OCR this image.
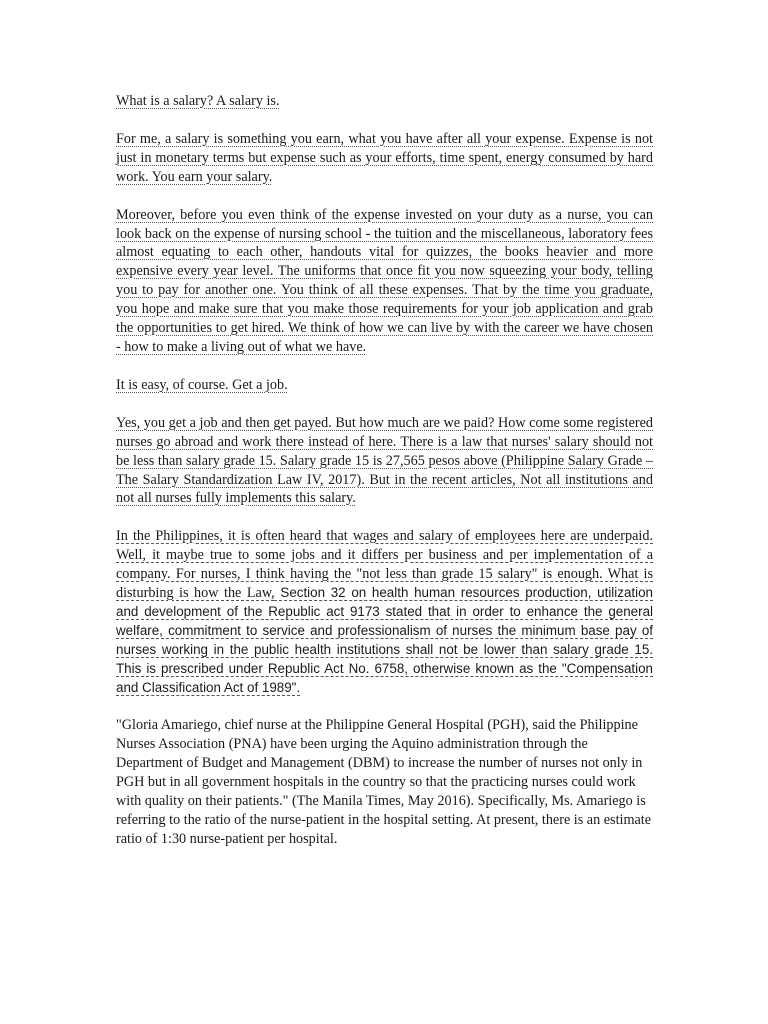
What is a salary? A salary is.

For me, a salary is something you earn, what you have after all your expense. Expense is not just in monetary terms but expense such as your efforts, time spent, energy consumed by hard work. You earn your salary.

Moreover, before you even think of the expense invested on your duty as a nurse, you can look back on the expense of nursing school - the tuition and the miscellaneous, laboratory fees almost equating to each other, handouts vital for quizzes, the books heavier and more expensive every year level. The uniforms that once fit you now squeezing your body, telling you to pay for another one. You think of all these expenses. That by the time you graduate, you hope and make sure that you make those requirements for your job application and grab the opportunities to get hired. We think of how we can live by with the career we have chosen - how to make a living out of what we have.

It is easy, of course. Get a job.

Yes, you get a job and then get payed. But how much are we paid? How come some registered nurses go abroad and work there instead of here. There is a law that nurses' salary should not be less than salary grade 15. Salary grade 15 is 27,565 pesos above (Philippine Salary Grade – The Salary Standardization Law IV, 2017). But in the recent articles, Not all institutions and not all nurses fully implements this salary.

In the Philippines, it is often heard that wages and salary of employees here are underpaid. Well, it maybe true to some jobs and it differs per business and per implementation of a company. For nurses, I think having the "not less than grade 15 salary" is enough. What is disturbing is how the Law, Section 32 on health human resources production, utilization and development of the Republic act 9173 stated that in order to enhance the general welfare, commitment to service and professionalism of nurses the minimum base pay of nurses working in the public health institutions shall not be lower than salary grade 15. This is prescribed under Republic Act No. 6758, otherwise known as the "Compensation and Classification Act of 1989".

"Gloria Amariego, chief nurse at the Philippine General Hospital (PGH), said the Philippine Nurses Association (PNA) have been urging the Aquino administration through the Department of Budget and Management (DBM) to increase the number of nurses not only in PGH but in all government hospitals in the country so that the practicing nurses could work with quality on their patients." (The Manila Times, May 2016). Specifically, Ms. Amariego is referring to the ratio of the nurse-patient in the hospital setting. At present, there is an estimate ratio of 1:30 nurse-patient per hospital.
